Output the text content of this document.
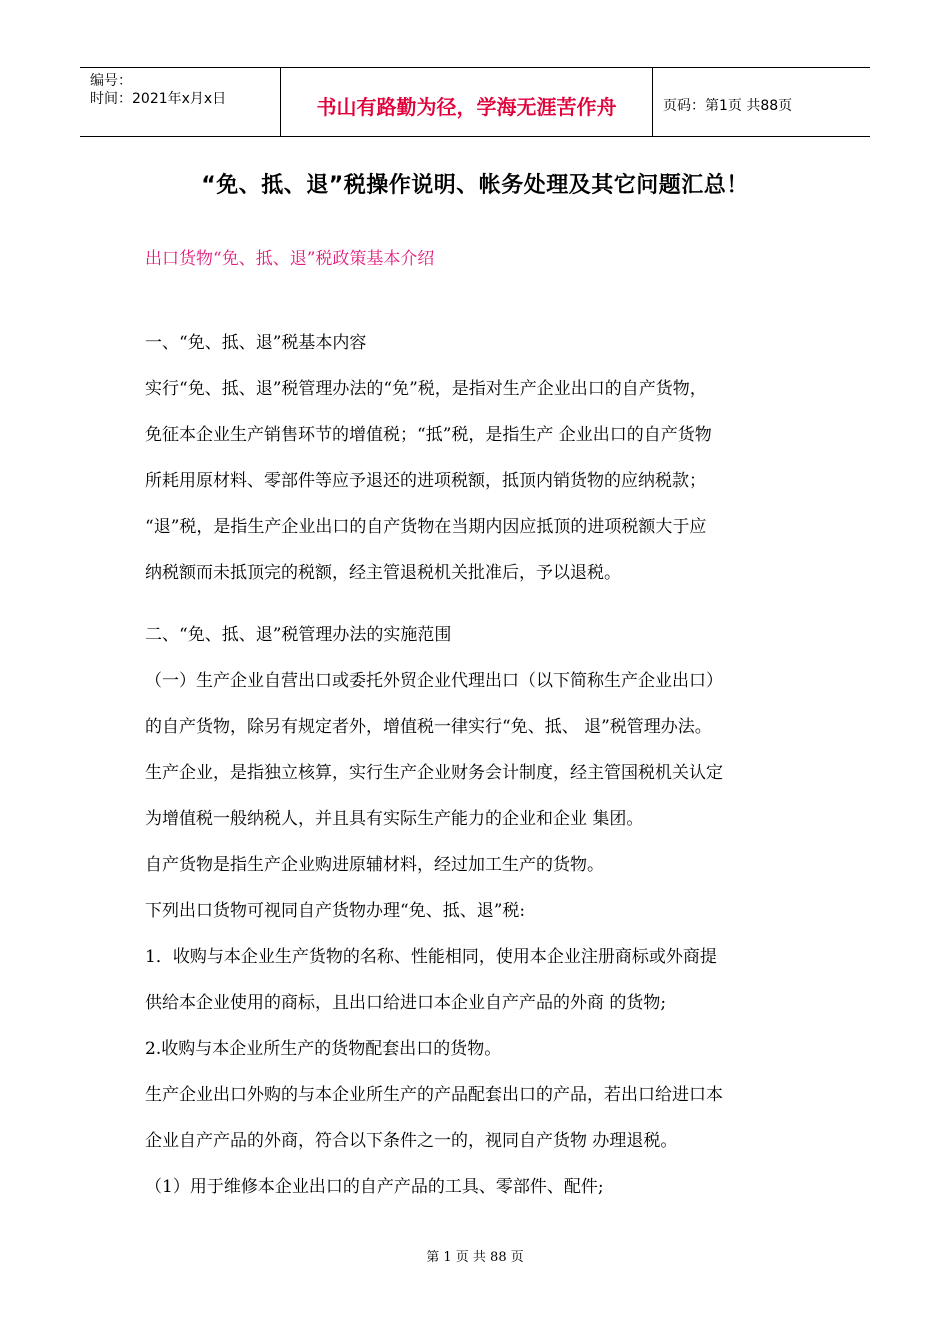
编号：
时间：2021年x月x日	书山有路勤为径，学海无涯苦作舟	页码：第1页 共88页
“免、抵、退”税操作说明、帐务处理及其它问题汇总！

出口货物“免、抵、退”税政策基本介绍

一、“免、抵、退”税基本内容

实行“免、抵、退”税管理办法的“免”税，是指对生产企业出口的自产货物，

免征本企业生产销售环节的增值税；“抵”税，是指生产 企业出口的自产货物

所耗用原材料、零部件等应予退还的进项税额，抵顶内销货物的应纳税款；

“退”税，是指生产企业出口的自产货物在当期内因应抵顶的进项税额大于应

纳税额而未抵顶完的税额，经主管退税机关批准后，予以退税。

二、“免、抵、退”税管理办法的实施范围

（一）生产企业自营出口或委托外贸企业代理出口（以下简称生产企业出口）

的自产货物，除另有规定者外，增值税一律实行“免、抵、 退”税管理办法。

生产企业，是指独立核算，实行生产企业财务会计制度，经主管国税机关认定

为增值税一般纳税人，并且具有实际生产能力的企业和企业 集团。

自产货物是指生产企业购进原辅材料，经过加工生产的货物。

下列出口货物可视同自产货物办理“免、抵、退”税:

1．收购与本企业生产货物的名称、性能相同，使用本企业注册商标或外商提

供给本企业使用的商标，且出口给进口本企业自产产品的外商 的货物;

2.收购与本企业所生产的货物配套出口的货物。

生产企业出口外购的与本企业所生产的产品配套出口的产品，若出口给进口本

企业自产产品的外商，符合以下条件之一的，视同自产货物 办理退税。

（1）用于维修本企业出口的自产产品的工具、零部件、配件;

第 1 页 共 88 页
